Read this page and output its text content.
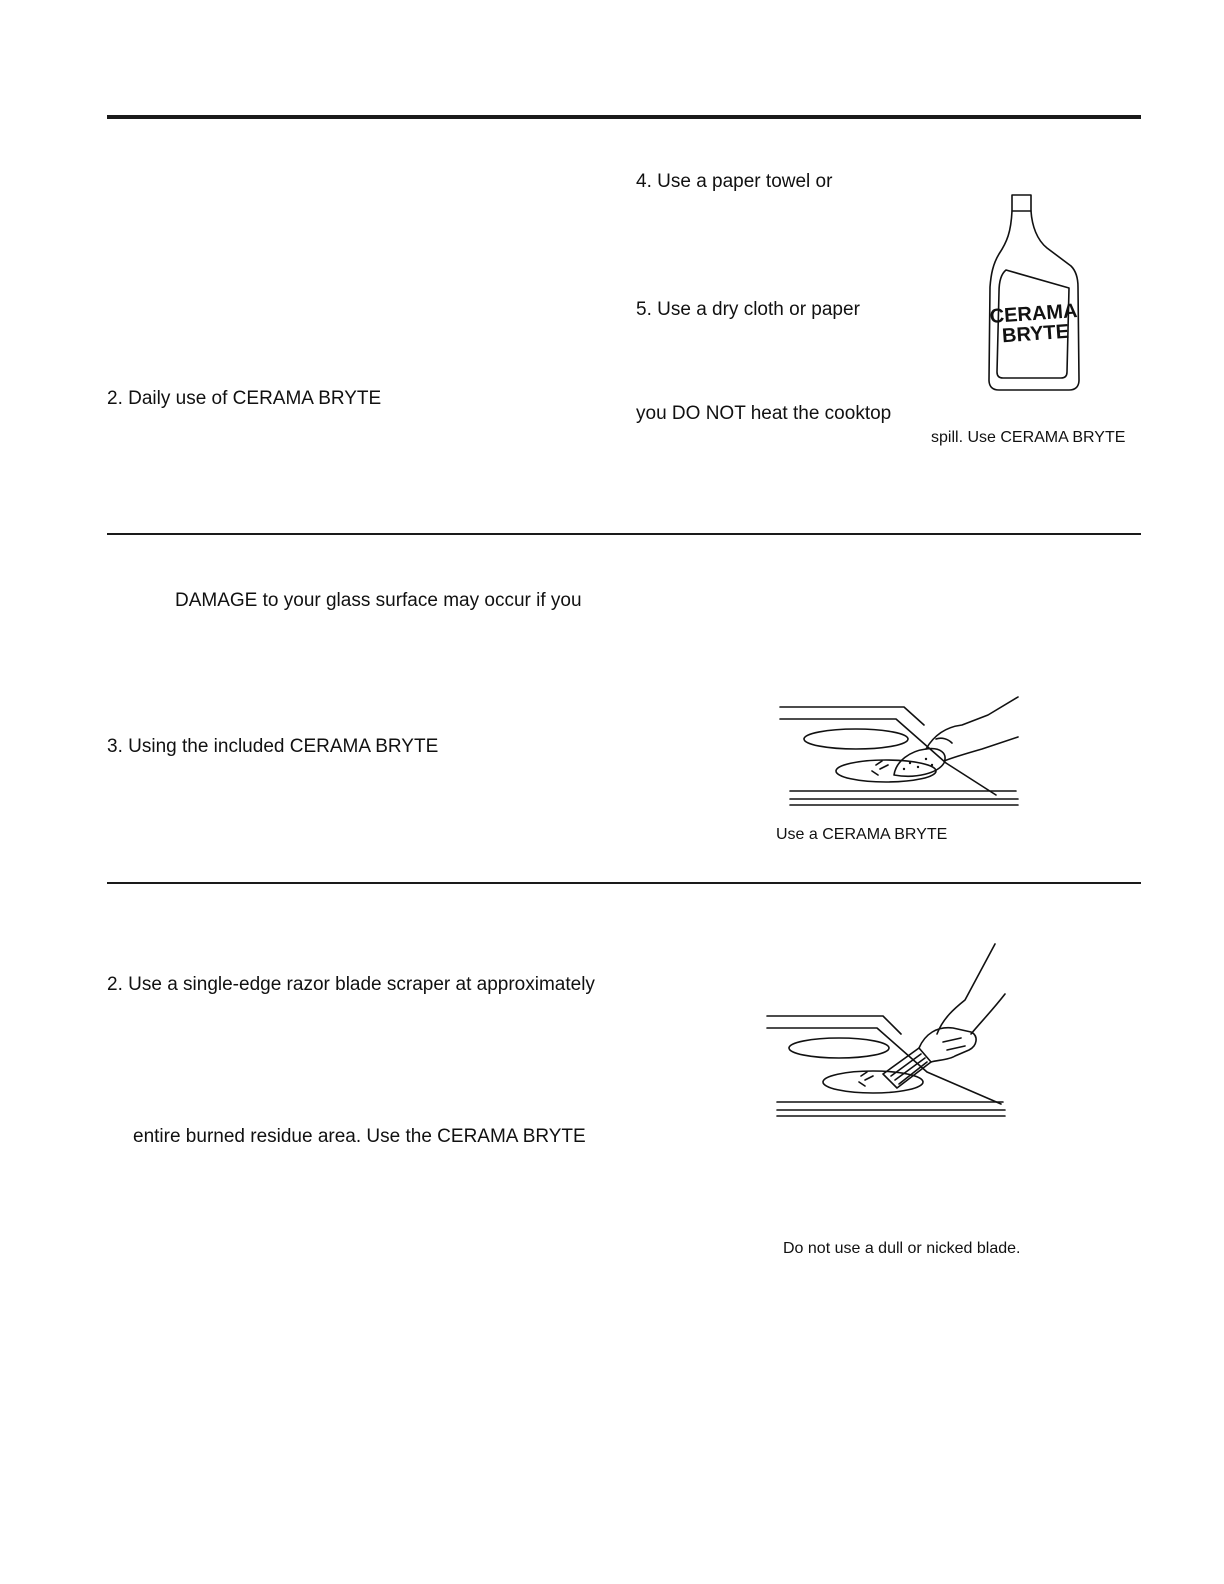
2. Daily use of CERAMA BRYTE
DAMAGE to your glass surface may occur if you
3. Using the included CERAMA BRYTE
2. Use a single-edge razor blade scraper at approximately
entire burned residue area. Use the CERAMA BRYTE
4. Use a paper towel or
5. Use a dry cloth or paper
you DO NOT heat the cooktop
spill. Use CERAMA BRYTE
Use a CERAMA BRYTE
Do not use a dull or nicked blade.
CERAMA
BRYTE
